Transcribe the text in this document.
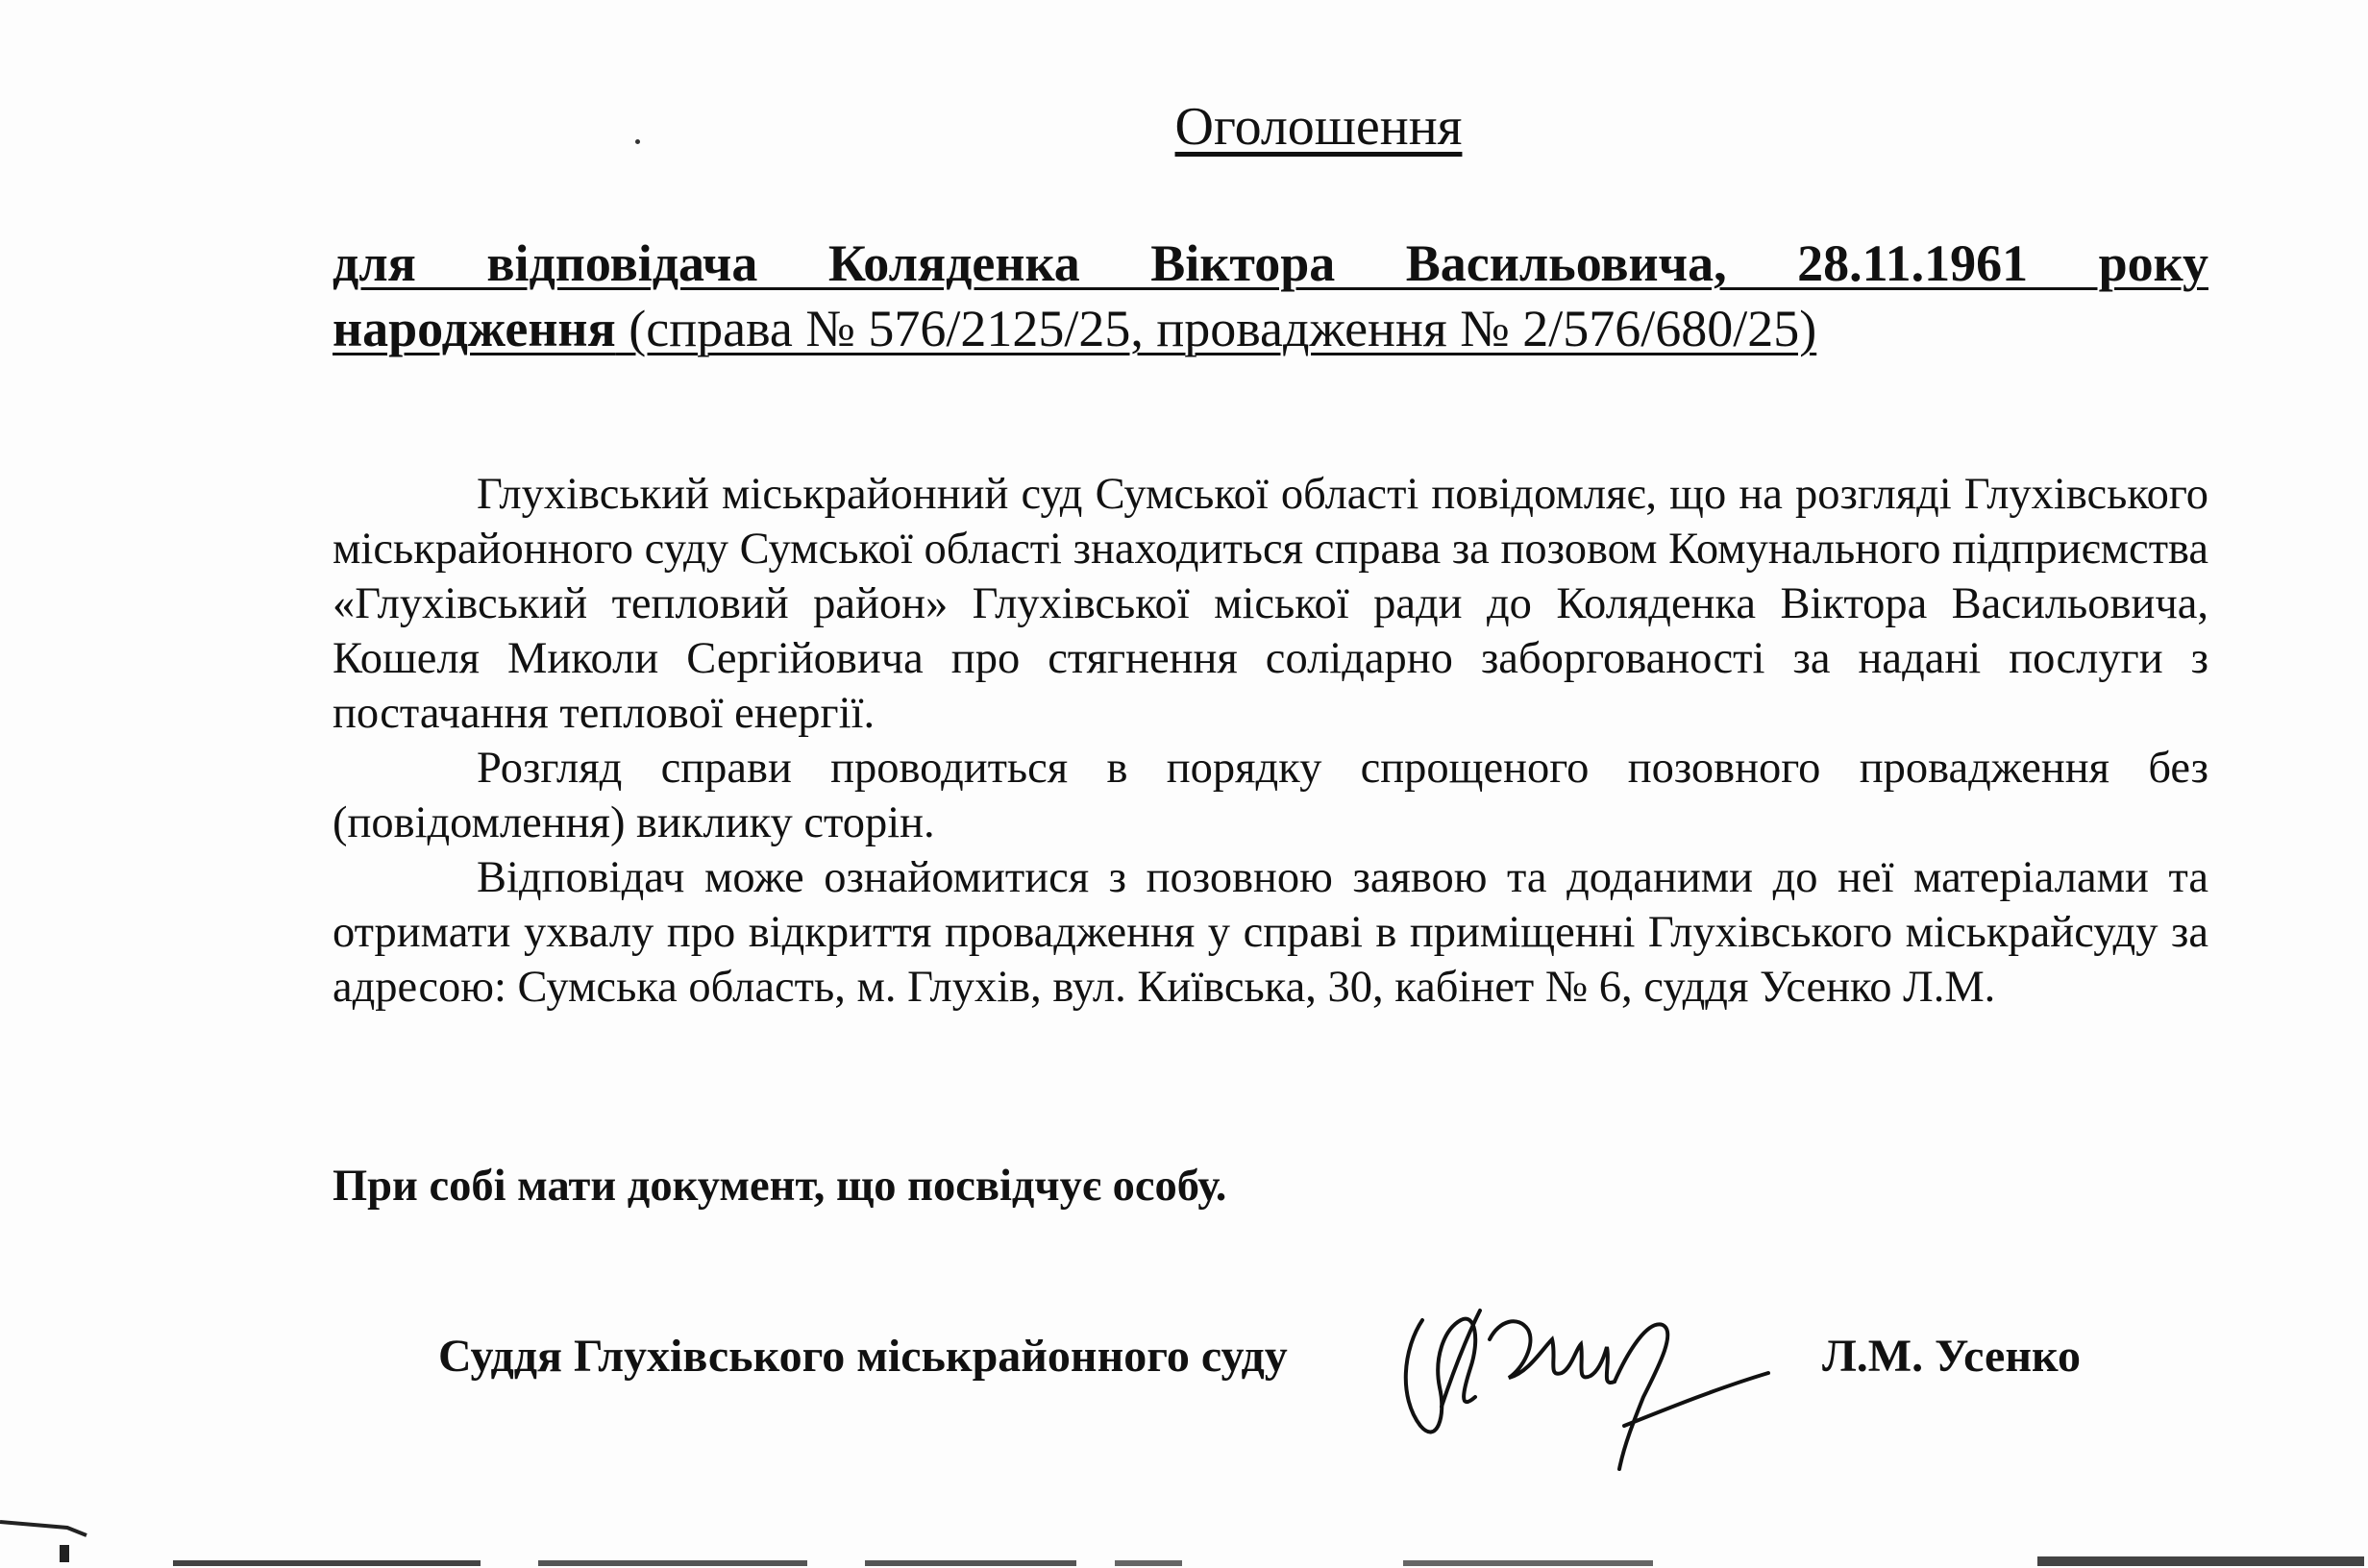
Оголошення
для відповідача Коляденка Віктора Васильовича, 28.11.1961 року
народження (справа № 576/2125/25, провадження № 2/576/680/25)

Глухівський міськрайонний суд Сумської області повідомляє, що на розгляді Глухівського міськрайонного суду Сумської області знаходиться справа за позовом Комунального підприємства «Глухівський тепловий район» Глухівської міської ради до Коляденка Віктора Васильовича, Кошеля Миколи Сергійовича про стягнення солідарно заборгованості за надані послуги з постачання теплової енергії.

Розгляд справи проводиться в порядку спрощеного позовного провадження без (повідомлення) виклику сторін.

Відповідач може ознайомитися з позовною заявою та доданими до неї матеріалами та отримати ухвалу про відкриття провадження у справі в приміщенні Глухівського міськрайсуду за адресою: Сумська область, м. Глухів, вул. Київська, 30, кабінет № 6, суддя Усенко Л.М.

При собі мати документ, що посвідчує особу.
Суддя Глухівського міськрайонного суду	Л.М. Усенко
